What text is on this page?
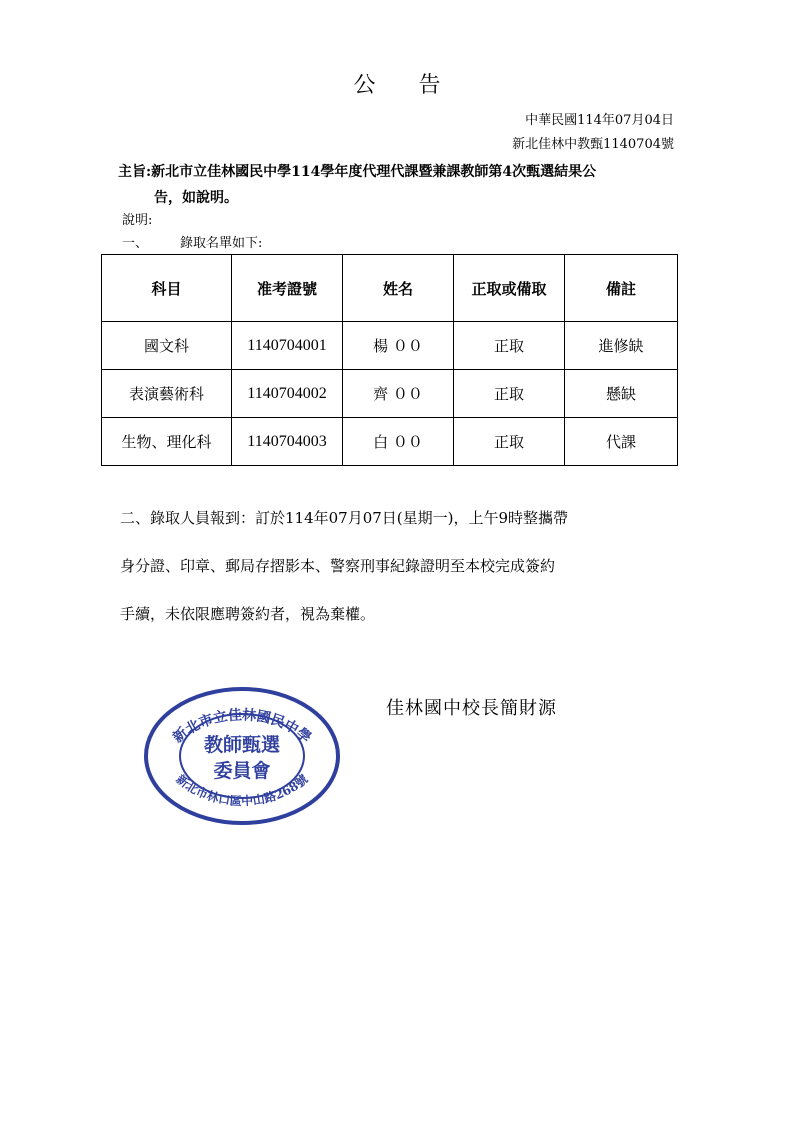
公 告
中華民國114年07月04日
新北佳林中教甄1140704號
主旨:新北市立佳林國民中學114學年度代理代課暨兼課教師第4次甄選結果公
告，如說明。
說明:
一、 錄取名單如下:
科目	准考證號	姓名	正取或備取	備註
國文科	1140704001	楊 ００	正取	進修缺
表演藝術科	1140704002	齊 ００	正取	懸缺
生物、理化科	1140704003	白 ００	正取	代課

二、錄取人員報到：訂於114年07月07日(星期一)，上午9時整攜帶

身分證、印章、郵局存摺影本、警察刑事紀錄證明至本校完成簽約

手續，未依限應聘簽約者，視為棄權。

佳林國中校長簡財源
新北市立佳林國民中學
教師甄選
委員會
新北市林口區中山路268號
